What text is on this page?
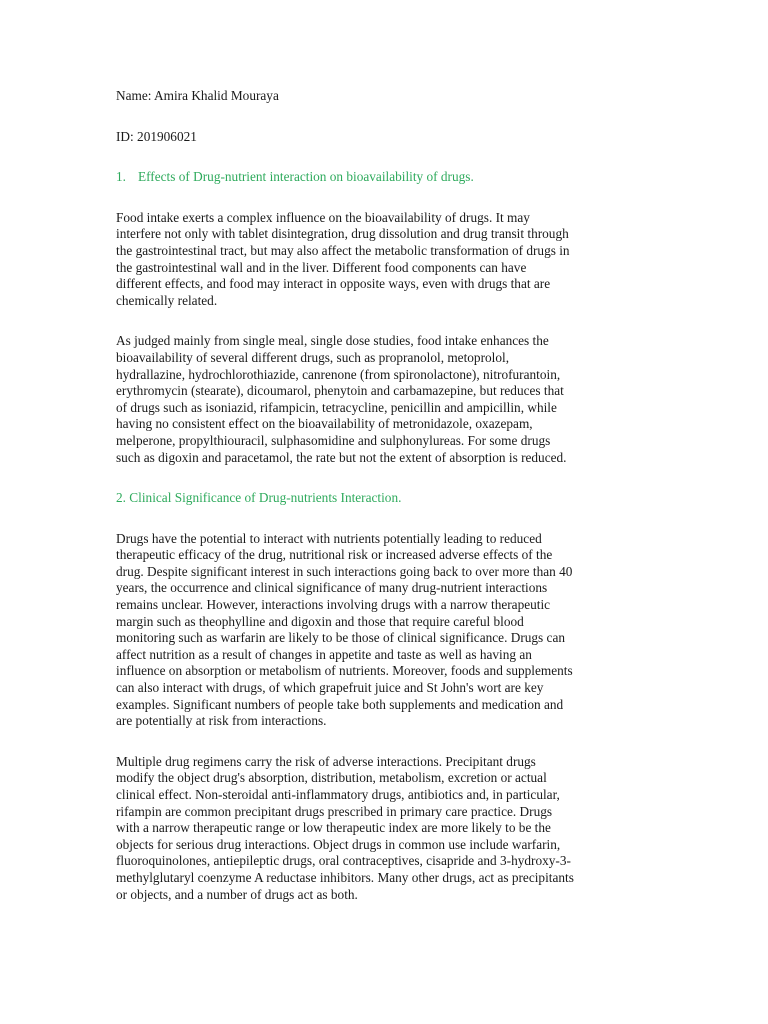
Name: Amira Khalid Mouraya
ID: 201906021
1. Effects of Drug-nutrient interaction on bioavailability of drugs.
Food intake exerts a complex influence on the bioavailability of drugs. It may
interfere not only with tablet disintegration, drug dissolution and drug transit through
the gastrointestinal tract, but may also affect the metabolic transformation of drugs in
the gastrointestinal wall and in the liver. Different food components can have
different effects, and food may interact in opposite ways, even with drugs that are
chemically related.
As judged mainly from single meal, single dose studies, food intake enhances the
bioavailability of several different drugs, such as propranolol, metoprolol,
hydrallazine, hydrochlorothiazide, canrenone (from spironolactone), nitrofurantoin,
erythromycin (stearate), dicoumarol, phenytoin and carbamazepine, but reduces that
of drugs such as isoniazid, rifampicin, tetracycline, penicillin and ampicillin, while
having no consistent effect on the bioavailability of metronidazole, oxazepam,
melperone, propylthiouracil, sulphasomidine and sulphonylureas. For some drugs
such as digoxin and paracetamol, the rate but not the extent of absorption is reduced.
2. Clinical Significance of Drug-nutrients Interaction.
Drugs have the potential to interact with nutrients potentially leading to reduced
therapeutic efficacy of the drug, nutritional risk or increased adverse effects of the
drug. Despite significant interest in such interactions going back to over more than 40
years, the occurrence and clinical significance of many drug-nutrient interactions
remains unclear. However, interactions involving drugs with a narrow therapeutic
margin such as theophylline and digoxin and those that require careful blood
monitoring such as warfarin are likely to be those of clinical significance. Drugs can
affect nutrition as a result of changes in appetite and taste as well as having an
influence on absorption or metabolism of nutrients. Moreover, foods and supplements
can also interact with drugs, of which grapefruit juice and St John's wort are key
examples. Significant numbers of people take both supplements and medication and
are potentially at risk from interactions.
Multiple drug regimens carry the risk of adverse interactions. Precipitant drugs
modify the object drug's absorption, distribution, metabolism, excretion or actual
clinical effect. Non-steroidal anti-inflammatory drugs, antibiotics and, in particular,
rifampin are common precipitant drugs prescribed in primary care practice. Drugs
with a narrow therapeutic range or low therapeutic index are more likely to be the
objects for serious drug interactions. Object drugs in common use include warfarin,
fluoroquinolones, antiepileptic drugs, oral contraceptives, cisapride and 3-hydroxy-3-
methylglutaryl coenzyme A reductase inhibitors. Many other drugs, act as precipitants
or objects, and a number of drugs act as both.
